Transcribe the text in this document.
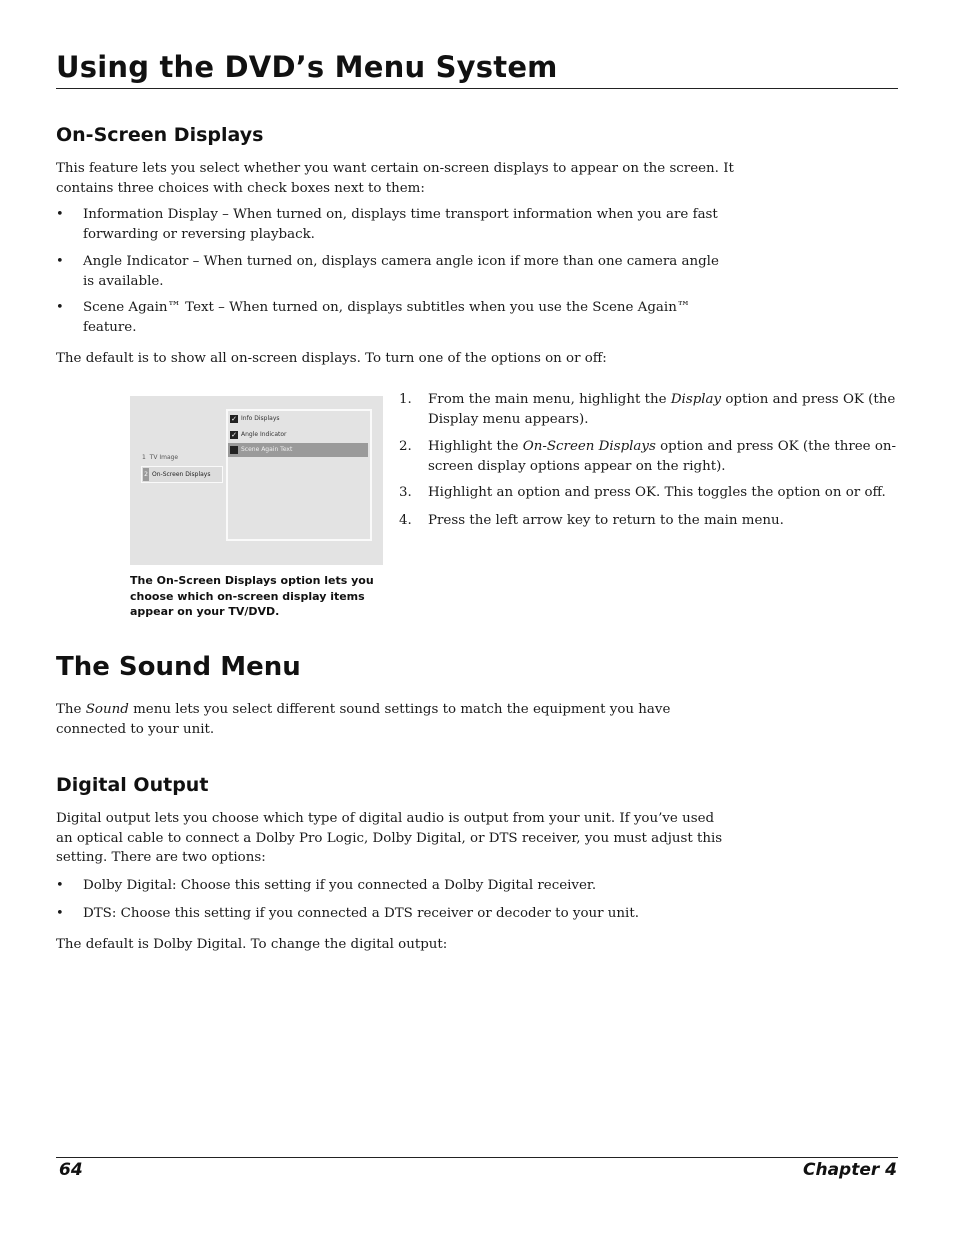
Using the DVD’s Menu System
On-Screen Displays

This feature lets you select whether you want certain on-screen displays to appear on the screen. It contains three choices with check boxes next to them:

• Information Display – When turned on, displays time transport information when you are fast forwarding or reversing playback.

• Angle Indicator – When turned on, displays camera angle icon if more than one camera angle is available.

• Scene Again™ Text – When turned on, displays subtitles when you use the Scene Again™ feature.

The default is to show all on-screen displays. To turn one of the options on or off:

1 TV Image
2 On-Screen Displays
✓ Info Displays
✓ Angle Indicator
Scene Again Text

The On-Screen Displays option lets you choose which on-screen display items appear on your TV/DVD.

1. From the main menu, highlight the Display option and press OK (the Display menu appears).

2. Highlight the On-Screen Displays option and press OK (the three on-screen display options appear on the right).

3. Highlight an option and press OK. This toggles the option on or off.

4. Press the left arrow key to return to the main menu.

The Sound Menu

The Sound menu lets you select different sound settings to match the equipment you have connected to your unit.

Digital Output

Digital output lets you choose which type of digital audio is output from your unit. If you’ve used an optical cable to connect a Dolby Pro Logic, Dolby Digital, or DTS receiver, you must adjust this setting. There are two options:

• Dolby Digital: Choose this setting if you connected a Dolby Digital receiver.

• DTS: Choose this setting if you connected a DTS receiver or decoder to your unit.

The default is Dolby Digital. To change the digital output:

64	Chapter 4
